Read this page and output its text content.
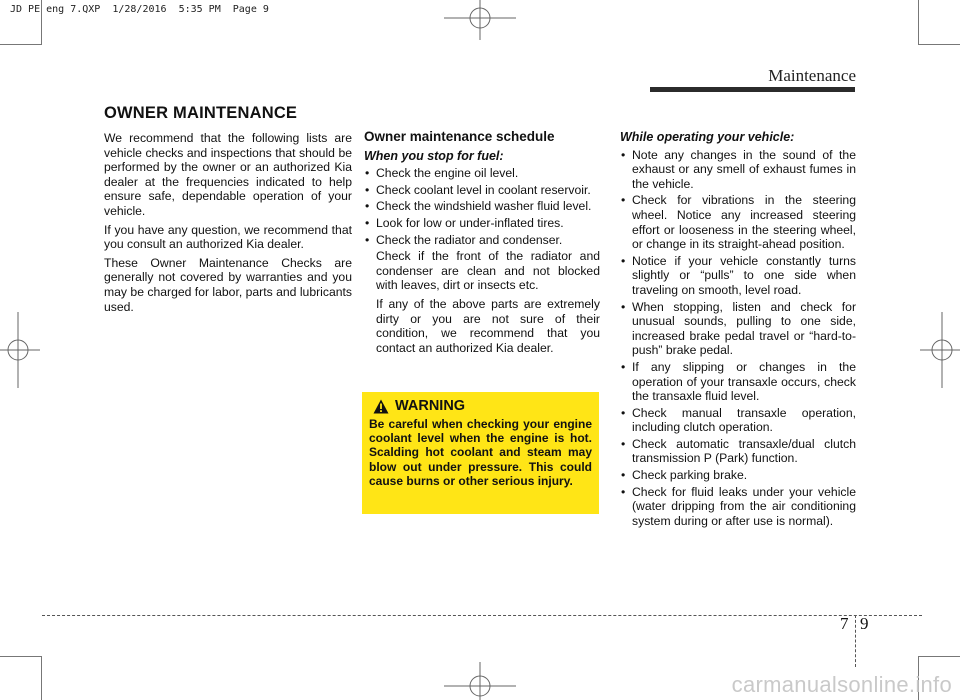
JD PE eng 7.QXP  1/28/2016  5:35 PM  Page 9
Maintenance
OWNER MAINTENANCE

We recommend that the following lists are vehicle checks and inspections that should be performed by the owner or an authorized Kia dealer at the frequencies indicated to help ensure safe, dependable operation of your vehicle.

If you have any question, we recommend that you consult an authorized Kia dealer.

These Owner Maintenance Checks are generally not covered by warranties and you may be charged for labor, parts and lubricants used.

Owner maintenance schedule
When you stop for fuel:
• Check the engine oil level.
• Check coolant level in coolant reservoir.
• Check the windshield washer fluid level.
• Look for low or under-inflated tires.
• Check the radiator and condenser.

Check if the front of the radiator and condenser are clean and not blocked with leaves, dirt or insects etc.

If any of the above parts are extremely dirty or you are not sure of their condition, we recommend that you contact an authorized Kia dealer.

WARNING
Be careful when checking your engine coolant level when the engine is hot. Scalding hot coolant and steam may blow out under pressure. This could cause burns or other serious injury.
While operating your vehicle:
• Note any changes in the sound of the exhaust or any smell of exhaust fumes in the vehicle.
• Check for vibrations in the steering wheel. Notice any increased steering effort or looseness in the steering wheel, or change in its straight-ahead position.
• Notice if your vehicle constantly turns slightly or “pulls” to one side when traveling on smooth, level road.
• When stopping, listen and check for unusual sounds, pulling to one side, increased brake pedal travel or “hard-to-push” brake pedal.
• If any slipping or changes in the operation of your transaxle occurs, check the transaxle fluid level.
• Check manual transaxle operation, including clutch operation.
• Check automatic transaxle/dual clutch transmission P (Park) function.
• Check parking brake.
• Check for fluid leaks under your vehicle (water dripping from the air conditioning system during or after use is normal).
7 9
carmanualsonline.info
